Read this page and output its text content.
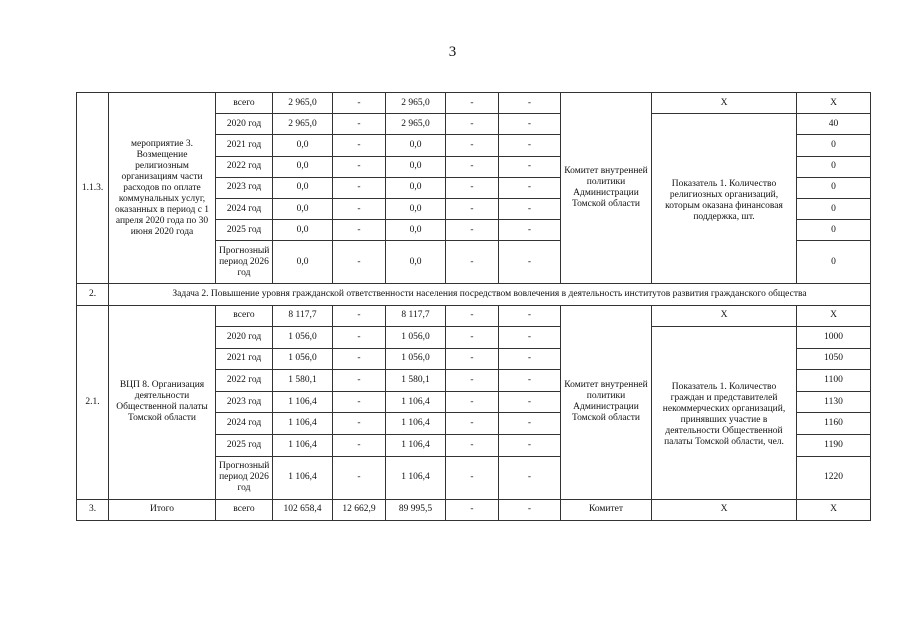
3
1.1.3.	мероприятие 3. Возмещение религиозным организациям части расходов по оплате коммунальных услуг, оказанных в период с 1 апреля 2020 года по 30 июня 2020 года	всего	2 965,0	-	2 965,0	-	-	Комитет внутренней политики Администрации Томской области	X	X
		2020 год	2 965,0	-	2 965,0	-	-		Показатель 1. Количество религиозных организаций, которым оказана финансовая поддержка, шт.	40
		2021 год	0,0	-	0,0	-	-			0
		2022 год	0,0	-	0,0	-	-			0
		2023 год	0,0	-	0,0	-	-			0
		2024 год	0,0	-	0,0	-	-			0
		2025 год	0,0	-	0,0	-	-			0
		Прогнозный период 2026 год	0,0	-	0,0	-	-			0
2.	Задача 2. Повышение уровня гражданской ответственности населения посредством вовлечения в деятельность институтов развития гражданского общества									
2.1.	ВЦП 8. Организация деятельности Общественной палаты Томской области	всего	8 117,7	-	8 117,7	-	-	Комитет внутренней политики Администрации Томской области	X	X
		2020 год	1 056,0	-	1 056,0	-	-		Показатель 1. Количество граждан и представителей некоммерческих организаций, принявших участие в деятельности Общественной палаты Томской области, чел.	1000
		2021 год	1 056,0	-	1 056,0	-	-			1050
		2022 год	1 580,1	-	1 580,1	-	-			1100
		2023 год	1 106,4	-	1 106,4	-	-			1130
		2024 год	1 106,4	-	1 106,4	-	-			1160
		2025 год	1 106,4	-	1 106,4	-	-			1190
		Прогнозный период 2026 год	1 106,4	-	1 106,4	-	-			1220
3.	Итого	всего	102 658,4	12 662,9	89 995,5	-	-	Комитет	X	X
